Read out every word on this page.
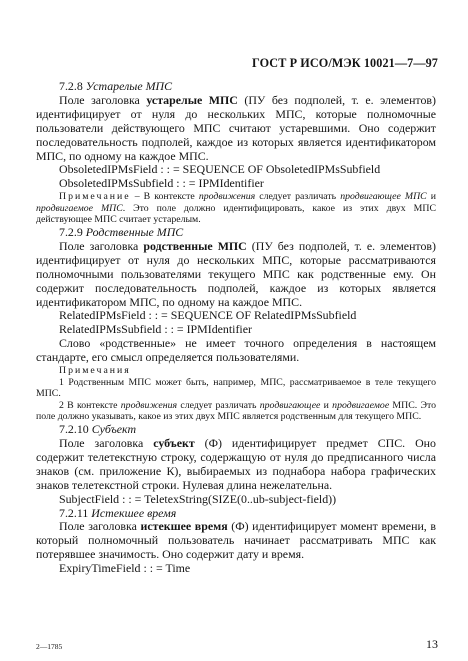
ГОСТ Р ИСО/МЭК 10021—7—97

7.2.8 Устарелые МПС

Поле заголовка устарелые МПС (ПУ без подполей, т. е. элементов) идентифицирует от нуля до нескольких МПС, которые полномочные пользователи действующего МПС считают устаревшими. Оно содержит последовательность подполей, каждое из которых является идентификатором МПС, по одному на каждое МПС.

ObsoletedIPMsField : : = SEQUENCE OF ObsoletedIPMsSubfield

ObsoletedIPMsSubfield : : = IPMIdentifier

Примечание – В контексте продвижения следует различать продвигающее МПС и продвигаемое МПС. Это поле должно идентифицировать, какое из этих двух МПС действующее МПС считает устарелым.

7.2.9 Родственные МПС

Поле заголовка родственные МПС (ПУ без подполей, т. е. элементов) идентифицирует от нуля до нескольких МПС, которые рассматриваются полномочными пользователями текущего МПС как родственные ему. Он содержит последовательность подполей, каждое из которых является идентификатором МПС, по одному на каждое МПС.

RelatedIPMsField : : = SEQUENCE OF RelatedIPMsSubfield

RelatedIPMsSubfield : : = IPMIdentifier

Слово «родственные» не имеет точного определения в настоящем стандарте, его смысл определяется пользователями.

Примечания

1 Родственным МПС может быть, например, МПС, рассматриваемое в теле текущего МПС.

2 В контексте продвижения следует различать продвигающее и продвигаемое МПС. Это поле должно указывать, какое из этих двух МПС является родственным для текущего МПС.

7.2.10 Субъект

Поле заголовка субъект (Ф) идентифицирует предмет СПС. Оно содержит телетекстную строку, содержащую от нуля до предписанного числа знаков (см. приложение К), выбираемых из поднабора набора графических знаков телетекстной строки. Нулевая длина нежелательна.

SubjectField : : = TeletexString(SIZE(0..ub-subject-field))

7.2.11 Истекшее время

Поле заголовка истекшее время (Ф) идентифицирует момент времени, в который полномочный пользователь начинает рассматривать МПС как потерявшее значимость. Оно содержит дату и время.

ExpiryTimeField : : = Time

2—1785	13
